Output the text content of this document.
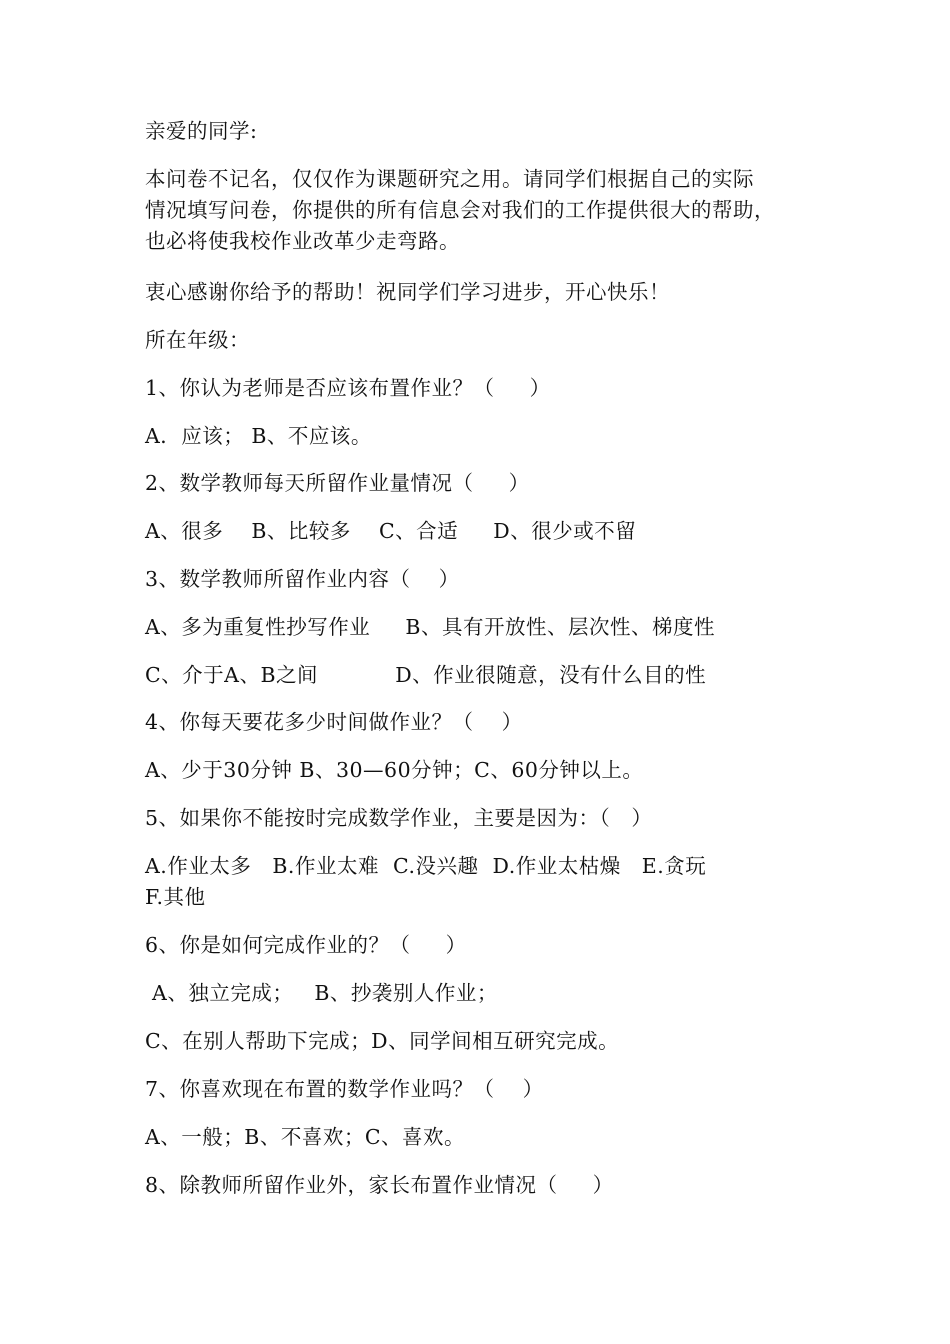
亲爱的同学:
本问卷不记名，仅仅作为课题研究之用。请同学们根据自己的实际
情况填写问卷，你提供的所有信息会对我们的工作提供很大的帮助，
也必将使我校作业改革少走弯路。
衷心感谢你给予的帮助！祝同学们学习进步，开心快乐！
所在年级：
1、你认为老师是否应该布置作业？（     ）
A．应该； B、不应该。
2、数学教师每天所留作业量情况（     ）
A、很多    B、比较多    C、合适     D、很少或不留
3、数学教师所留作业内容（    ）
A、多为重复性抄写作业     B、具有开放性、层次性、梯度性
C、介于A、B之间           D、作业很随意，没有什么目的性
4、你每天要花多少时间做作业？（    ）
A、少于30分钟 B、30—60分钟；C、60分钟以上。
5、如果你不能按时完成数学作业，主要是因为：（   ）
A.作业太多   B.作业太难  C.没兴趣  D.作业太枯燥   E.贪玩
F.其他
6、你是如何完成作业的？（     ）
A、独立完成；   B、抄袭别人作业；
C、在别人帮助下完成；D、同学间相互研究完成。
7、你喜欢现在布置的数学作业吗？（    ）
A、一般；B、不喜欢；C、喜欢。
8、除教师所留作业外，家长布置作业情况（     ）
